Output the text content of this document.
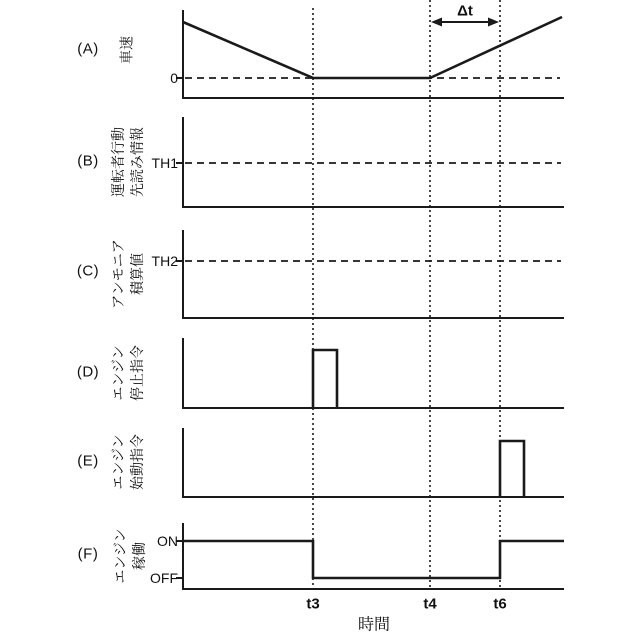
(A)
(B)
(C)
(D)
(E)
(F)
車速
運転者行動 先読み情報
アンモニア 積算値
エンジン 停止指令
エンジン 始動指令
エンジン 稼働
0
TH1
TH2
ON
OFF
Δt
t3	t4	t6
時間
